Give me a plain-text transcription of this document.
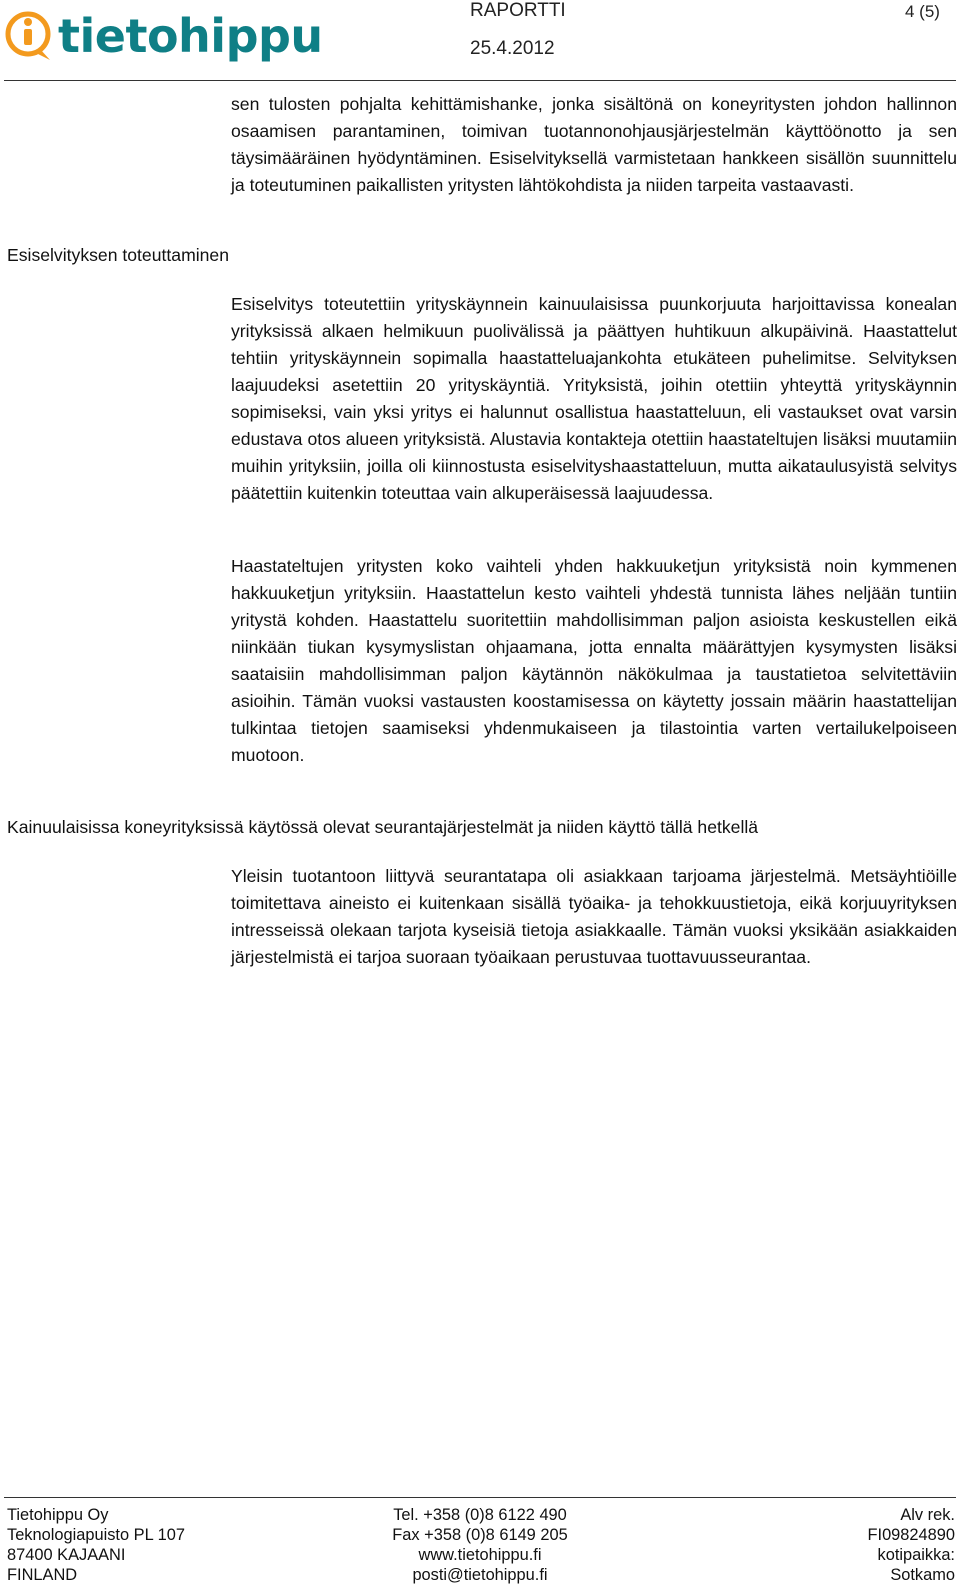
tietohippu	RAPORTTI	4 (5)
25.4.2012

sen tulosten pohjalta kehittämishanke, jonka sisältönä on koneyritysten johdon hallinnon osaamisen parantaminen, toimivan tuotannonohjausjärjestelmän käyttöönotto ja sen täysimääräinen hyödyntäminen. Esiselvityksellä varmistetaan hankkeen sisällön suunnittelu ja toteutuminen paikallisten yritysten lähtökohdista ja niiden tarpeita vastaavasti.

Esiselvityksen toteuttaminen

Esiselvitys toteutettiin yrityskäynnein kainuulaisissa puunkorjuuta harjoittavissa konealan yrityksissä alkaen helmikuun puolivälissä ja päättyen huhtikuun alkupäivinä. Haastattelut tehtiin yrityskäynnein sopimalla haastatteluajankohta etukäteen puhelimitse. Selvityksen laajuudeksi asetettiin 20 yrityskäyntiä. Yrityksistä, joihin otettiin yhteyttä yrityskäynnin sopimiseksi, vain yksi yritys ei halunnut osallistua haastatteluun, eli vastaukset ovat varsin edustava otos alueen yrityksistä. Alustavia kontakteja otettiin haastateltujen lisäksi muutamiin muihin yrityksiin, joilla oli kiinnostusta esiselvityshaastatteluun, mutta aikataulusyistä selvitys päätettiin kuitenkin toteuttaa vain alkuperäisessä laajuudessa.

Haastateltujen yritysten koko vaihteli yhden hakkuuketjun yrityksistä noin kymmenen hakkuuketjun yrityksiin. Haastattelun kesto vaihteli yhdestä tunnista lähes neljään tuntiin yritystä kohden. Haastattelu suoritettiin mahdollisimman paljon asioista keskustellen eikä niinkään tiukan kysymyslistan ohjaamana, jotta ennalta määrättyjen kysymysten lisäksi saataisiin mahdollisimman paljon käytännön näkökulmaa ja taustatietoa selvitettäviin asioihin. Tämän vuoksi vastausten koostamisessa on käytetty jossain määrin haastattelijan tulkintaa tietojen saamiseksi yhdenmukaiseen ja tilastointia varten vertailukelpoiseen muotoon.

Kainuulaisissa koneyrityksissä käytössä olevat seurantajärjestelmät ja niiden käyttö tällä hetkellä

Yleisin tuotantoon liittyvä seurantatapa oli asiakkaan tarjoama järjestelmä. Metsäyhtiöille toimitettava aineisto ei kuitenkaan sisällä työaika- ja tehokkuustietoja, eikä korjuuyrityksen intresseissä olekaan tarjota kyseisiä tietoja asiakkaalle. Tämän vuoksi yksikään asiakkaiden järjestelmistä ei tarjoa suoraan työaikaan perustuvaa tuottavuusseurantaa.

Tietohippu Oy
Teknologiapuisto PL 107
87400 KAJAANI
FINLAND
Tel. +358 (0)8 6122 490
Fax +358 (0)8 6149 205
www.tietohippu.fi
posti@tietohippu.fi
Alv rek.
FI09824890
kotipaikka:
Sotkamo
